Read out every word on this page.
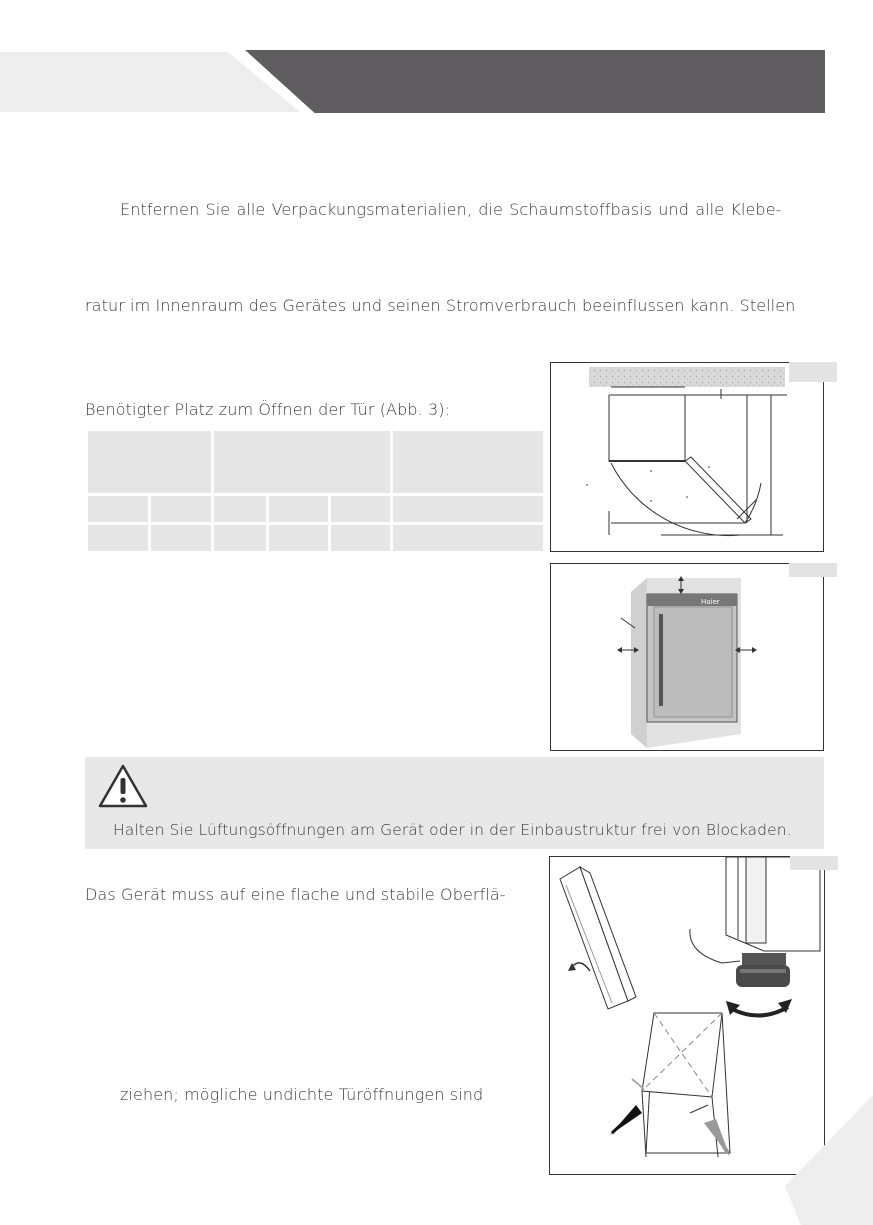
Entfernen Sie alle Verpackungsmaterialien, die Schaumstoffbasis und alle Klebe-
ratur im Innenraum des Gerätes und seinen Stromverbrauch beeinflussen kann. Stellen
Benötigter Platz zum Öffnen der Tür (Abb. 3):

Haier
Halten Sie Lüftungsöffnungen am Gerät oder in der Einbaustruktur frei von Blockaden.
Das Gerät muss auf eine flache und stabile Oberflä-
ziehen; mögliche undichte Türöffnungen sind
